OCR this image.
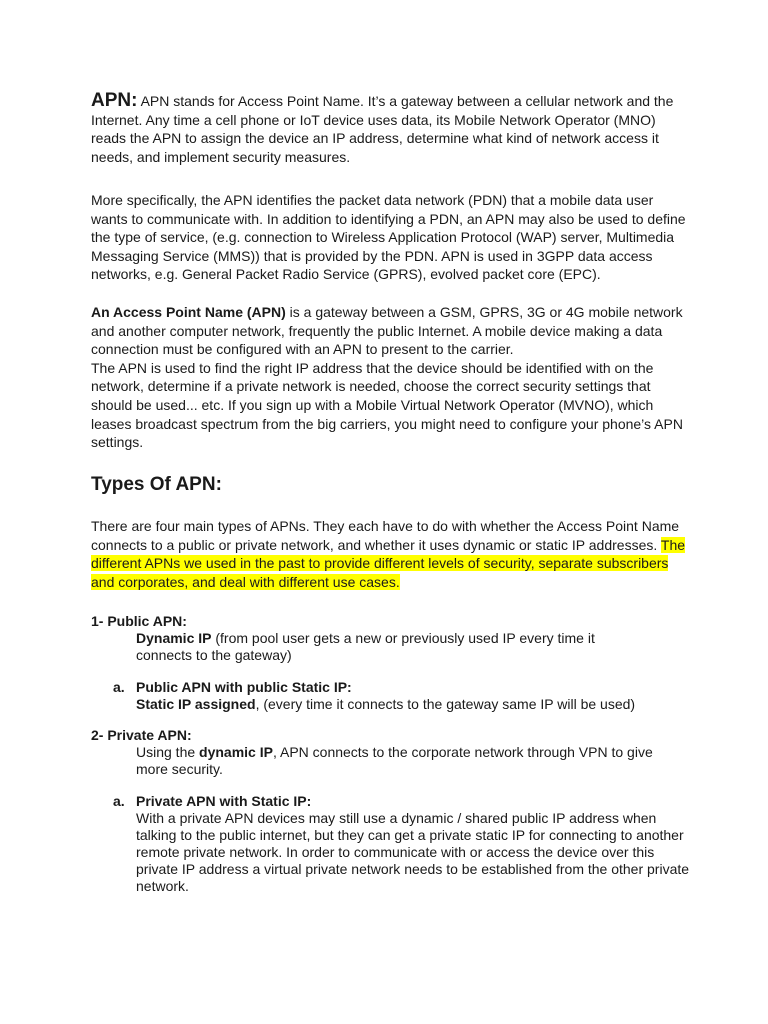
APN: APN stands for Access Point Name. It’s a gateway between a cellular network and the Internet. Any time a cell phone or IoT device uses data, its Mobile Network Operator (MNO) reads the APN to assign the device an IP address, determine what kind of network access it needs, and implement security measures.
More specifically, the APN identifies the packet data network (PDN) that a mobile data user wants to communicate with. In addition to identifying a PDN, an APN may also be used to define the type of service, (e.g. connection to Wireless Application Protocol (WAP) server, Multimedia Messaging Service (MMS)) that is provided by the PDN. APN is used in 3GPP data access networks, e.g. General Packet Radio Service (GPRS), evolved packet core (EPC).
An Access Point Name (APN) is a gateway between a GSM, GPRS, 3G or 4G mobile network and another computer network, frequently the public Internet. A mobile device making a data connection must be configured with an APN to present to the carrier.
The APN is used to find the right IP address that the device should be identified with on the network, determine if a private network is needed, choose the correct security settings that should be used... etc. If you sign up with a Mobile Virtual Network Operator (MVNO), which leases broadcast spectrum from the big carriers, you might need to configure your phone’s APN settings.
Types Of APN:
There are four main types of APNs. They each have to do with whether the Access Point Name connects to a public or private network, and whether it uses dynamic or static IP addresses. The different APNs we used in the past to provide different levels of security, separate subscribers and corporates, and deal with different use cases.
1- Public APN:
Dynamic IP (from pool user gets a new or previously used IP every time it connects to the gateway)
a. Public APN with public Static IP:
Static IP assigned, (every time it connects to the gateway same IP will be used)
2- Private APN:
Using the dynamic IP, APN connects to the corporate network through VPN to give more security.
a. Private APN with Static IP:
With a private APN devices may still use a dynamic / shared public IP address when talking to the public internet, but they can get a private static IP for connecting to another remote private network. In order to communicate with or access the device over this private IP address a virtual private network needs to be established from the other private network.
